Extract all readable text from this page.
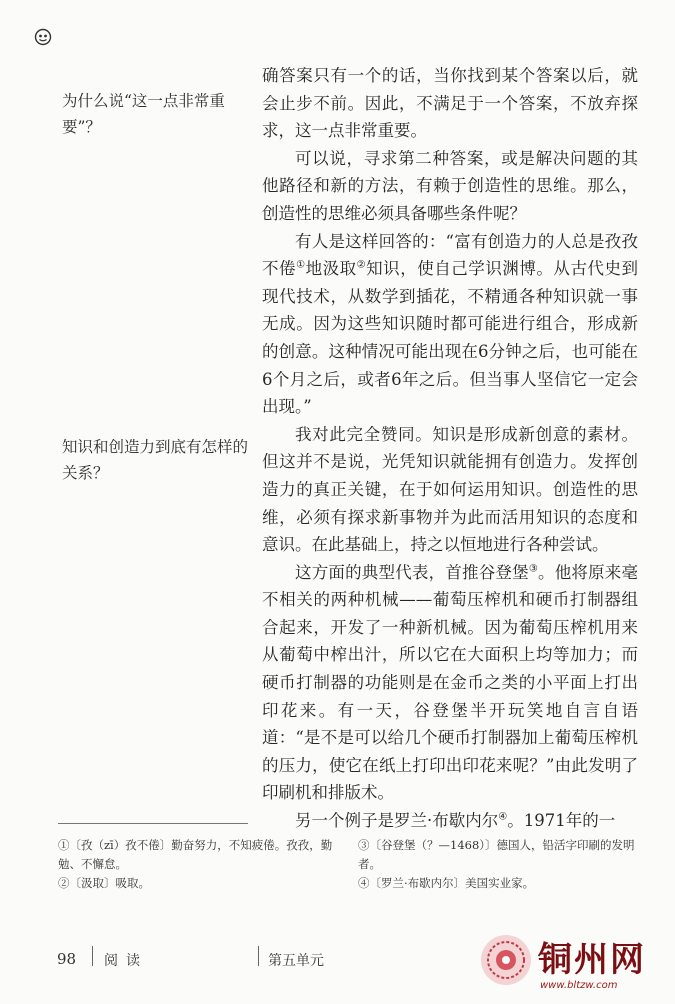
为什么说“这一点非常重要”？
知识和创造力到底有怎样的关系？

确答案只有一个的话，当你找到某个答案以后，就会止步不前。因此，不满足于一个答案，不放弃探求，这一点非常重要。

可以说，寻求第二种答案，或是解决问题的其他路径和新的方法，有赖于创造性的思维。那么，创造性的思维必须具备哪些条件呢？

有人是这样回答的：“富有创造力的人总是孜孜不倦①地汲取②知识，使自己学识渊博。从古代史到现代技术，从数学到插花，不精通各种知识就一事无成。因为这些知识随时都可能进行组合，形成新的创意。这种情况可能出现在6分钟之后，也可能在6个月之后，或者6年之后。但当事人坚信它一定会出现。”

我对此完全赞同。知识是形成新创意的素材。但这并不是说，光凭知识就能拥有创造力。发挥创造力的真正关键，在于如何运用知识。创造性的思维，必须有探求新事物并为此而活用知识的态度和意识。在此基础上，持之以恒地进行各种尝试。

这方面的典型代表，首推谷登堡③。他将原来毫不相关的两种机械——葡萄压榨机和硬币打制器组合起来，开发了一种新机械。因为葡萄压榨机用来从葡萄中榨出汁，所以它在大面积上均等加力；而硬币打制器的功能则是在金币之类的小平面上打出印花来。有一天，谷登堡半开玩笑地自言自语道：“是不是可以给几个硬币打制器加上葡萄压榨机的压力，使它在纸上打印出印花来呢？”由此发明了印刷机和排版术。

另一个例子是罗兰·布歇内尔④。1971年的一

①〔孜（zī）孜不倦〕勤奋努力，不知疲倦。孜孜，勤勉、不懈怠。

②〔汲取〕吸取。

③〔谷登堡（？—1468）〕德国人，铅活字印刷的发明者。

④〔罗兰·布歇内尔〕美国实业家。

98 阅读	第五单元	铜州网
www.bltzw.com
